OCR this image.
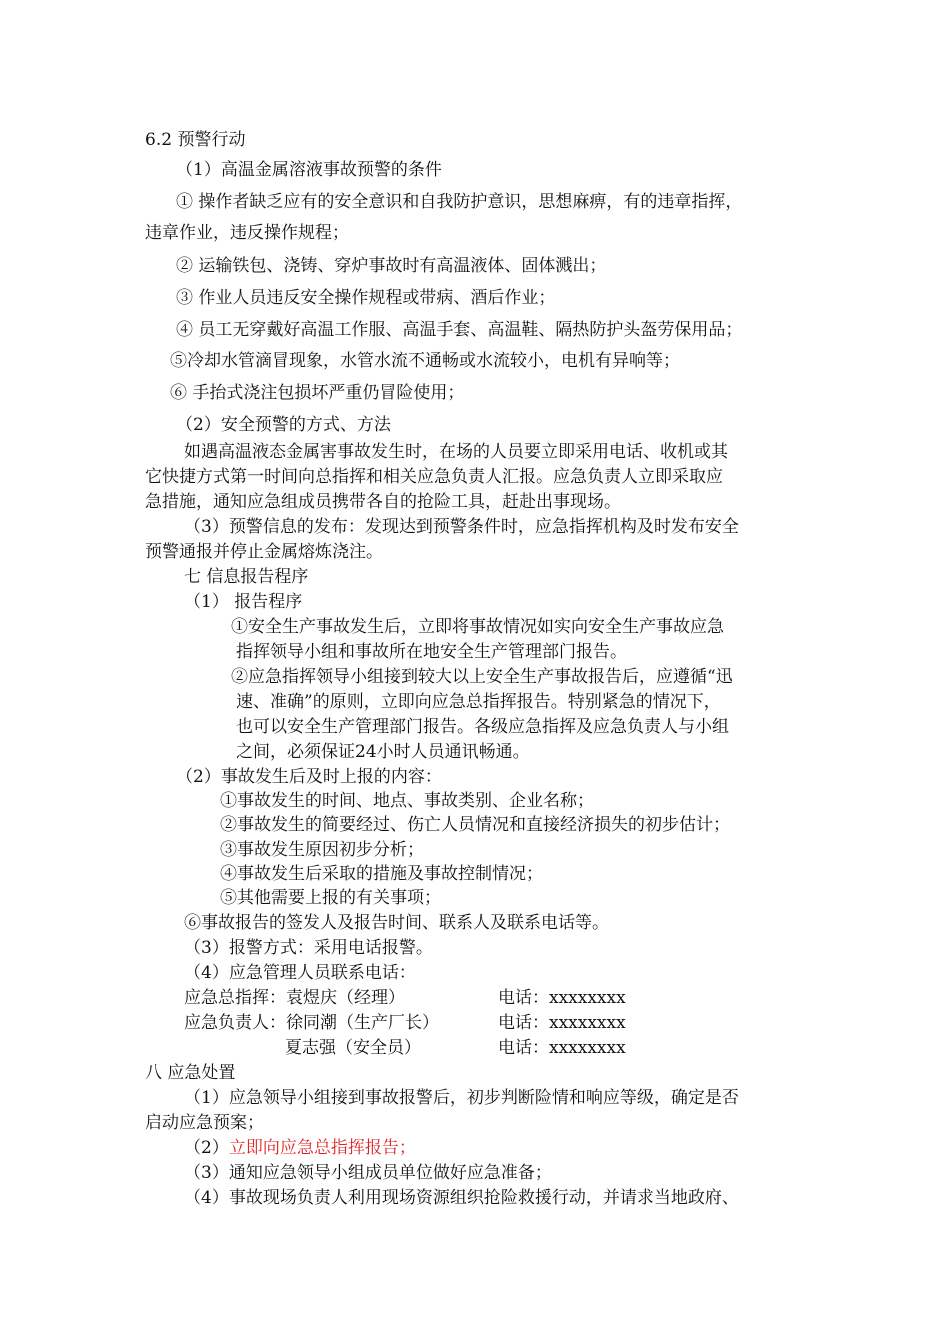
6.2 预警行动
（1）高温金属溶液事故预警的条件
① 操作者缺乏应有的安全意识和自我防护意识，思想麻痹，有的违章指挥，
违章作业，违反操作规程；
② 运输铁包、浇铸、穿炉事故时有高温液体、固体溅出；
③ 作业人员违反安全操作规程或带病、酒后作业；
④ 员工无穿戴好高温工作服、高温手套、高温鞋、隔热防护头盔劳保用品；
⑤冷却水管滴冒现象，水管水流不通畅或水流较小，电机有异响等；
⑥ 手抬式浇注包损坏严重仍冒险使用；
（2）安全预警的方式、方法
如遇高温液态金属害事故发生时，在场的人员要立即采用电话、收机或其
它快捷方式第一时间向总指挥和相关应急负责人汇报。应急负责人立即采取应
急措施，通知应急组成员携带各自的抢险工具，赶赴出事现场。
（3）预警信息的发布：发现达到预警条件时，应急指挥机构及时发布安全
预警通报并停止金属熔炼浇注。
七 信息报告程序
（1） 报告程序
①安全生产事故发生后，立即将事故情况如实向安全生产事故应急
指挥领导小组和事故所在地安全生产管理部门报告。
②应急指挥领导小组接到较大以上安全生产事故报告后，应遵循“迅
速、准确”的原则，立即向应急总指挥报告。特别紧急的情况下，
也可以安全生产管理部门报告。各级应急指挥及应急负责人与小组
之间，必须保证24小时人员通讯畅通。
（2）事故发生后及时上报的内容：
①事故发生的时间、地点、事故类别、企业名称；
②事故发生的简要经过、伤亡人员情况和直接经济损失的初步估计；
③事故发生原因初步分析；
④事故发生后采取的措施及事故控制情况；
⑤其他需要上报的有关事项；
⑥事故报告的签发人及报告时间、联系人及联系电话等。
（3）报警方式：采用电话报警。
（4）应急管理人员联系电话：
应急总指挥：袁煜庆（经理）	电话：xxxxxxxx
应急负责人：徐同潮（生产厂长）	电话：xxxxxxxx
夏志强（安全员）	电话：xxxxxxxx
八 应急处置
（1）应急领导小组接到事故报警后，初步判断险情和响应等级，确定是否
启动应急预案；
（2）立即向应急总指挥报告；
（3）通知应急领导小组成员单位做好应急准备；
（4）事故现场负责人利用现场资源组织抢险救援行动，并请求当地政府、
